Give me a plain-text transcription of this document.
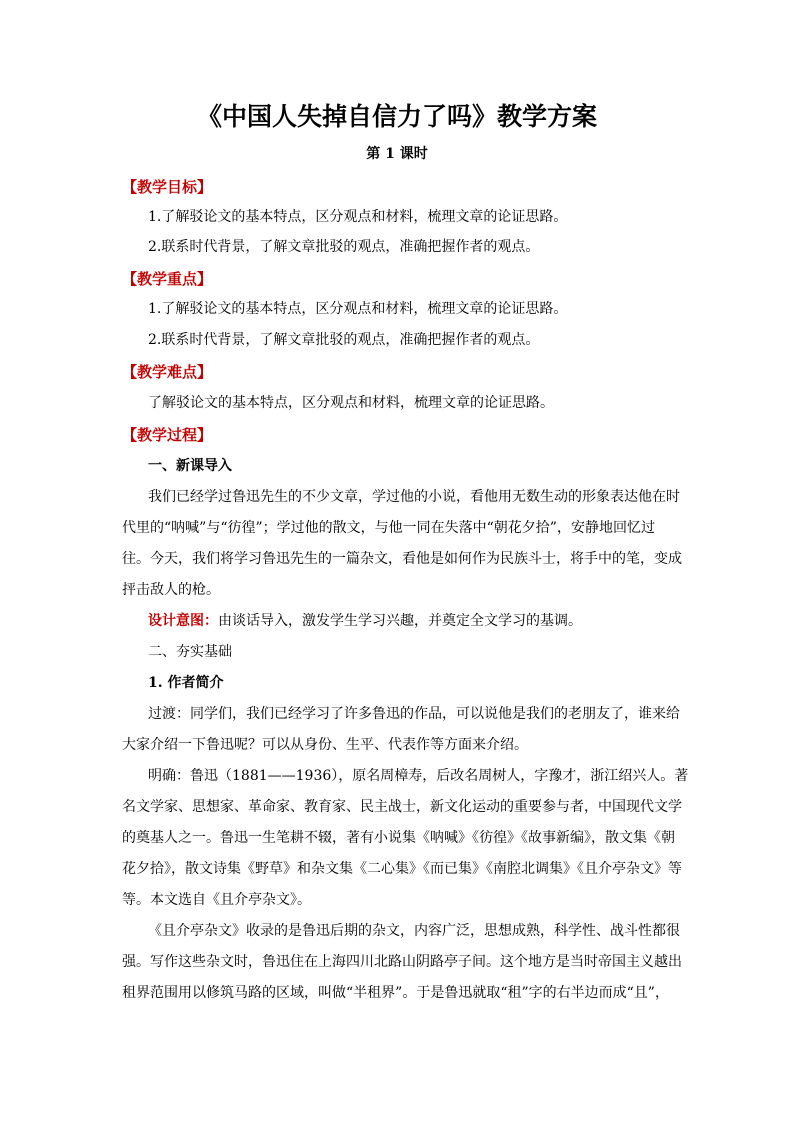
《中国人失掉自信力了吗》教学方案
第 1 课时
【教学目标】
1.了解驳论文的基本特点，区分观点和材料，梳理文章的论证思路。
2.联系时代背景，了解文章批驳的观点，准确把握作者的观点。
【教学重点】
1.了解驳论文的基本特点，区分观点和材料，梳理文章的论证思路。
2.联系时代背景，了解文章批驳的观点，准确把握作者的观点。
【教学难点】
了解驳论文的基本特点，区分观点和材料，梳理文章的论证思路。
【教学过程】
一、新课导入
我们已经学过鲁迅先生的不少文章，学过他的小说，看他用无数生动的形象表达他在时
代里的“呐喊”与“彷徨”；学过他的散文，与他一同在失落中“朝花夕拾”，安静地回忆过
往。今天，我们将学习鲁迅先生的一篇杂文，看他是如何作为民族斗士，将手中的笔，变成
抨击敌人的枪。
设计意图：由谈话导入，激发学生学习兴趣，并奠定全文学习的基调。
二、夯实基础
1. 作者简介
过渡：同学们，我们已经学习了许多鲁迅的作品，可以说他是我们的老朋友了，谁来给
大家介绍一下鲁迅呢？可以从身份、生平、代表作等方面来介绍。
明确：鲁迅（1881——1936），原名周樟寿，后改名周树人，字豫才，浙江绍兴人。著
名文学家、思想家、革命家、教育家、民主战士，新文化运动的重要参与者，中国现代文学
的奠基人之一。鲁迅一生笔耕不辍，著有小说集《呐喊》《彷徨》《故事新编》，散文集《朝
花夕拾》，散文诗集《野草》和杂文集《二心集》《而已集》《南腔北调集》《且介亭杂文》等
等。本文选自《且介亭杂文》。
《且介亭杂文》收录的是鲁迅后期的杂文，内容广泛，思想成熟，科学性、战斗性都很
强。写作这些杂文时，鲁迅住在上海四川北路山阴路亭子间。这个地方是当时帝国主义越出
租界范围用以修筑马路的区域，叫做“半租界”。于是鲁迅就取“租”字的右半边而成“且”，
